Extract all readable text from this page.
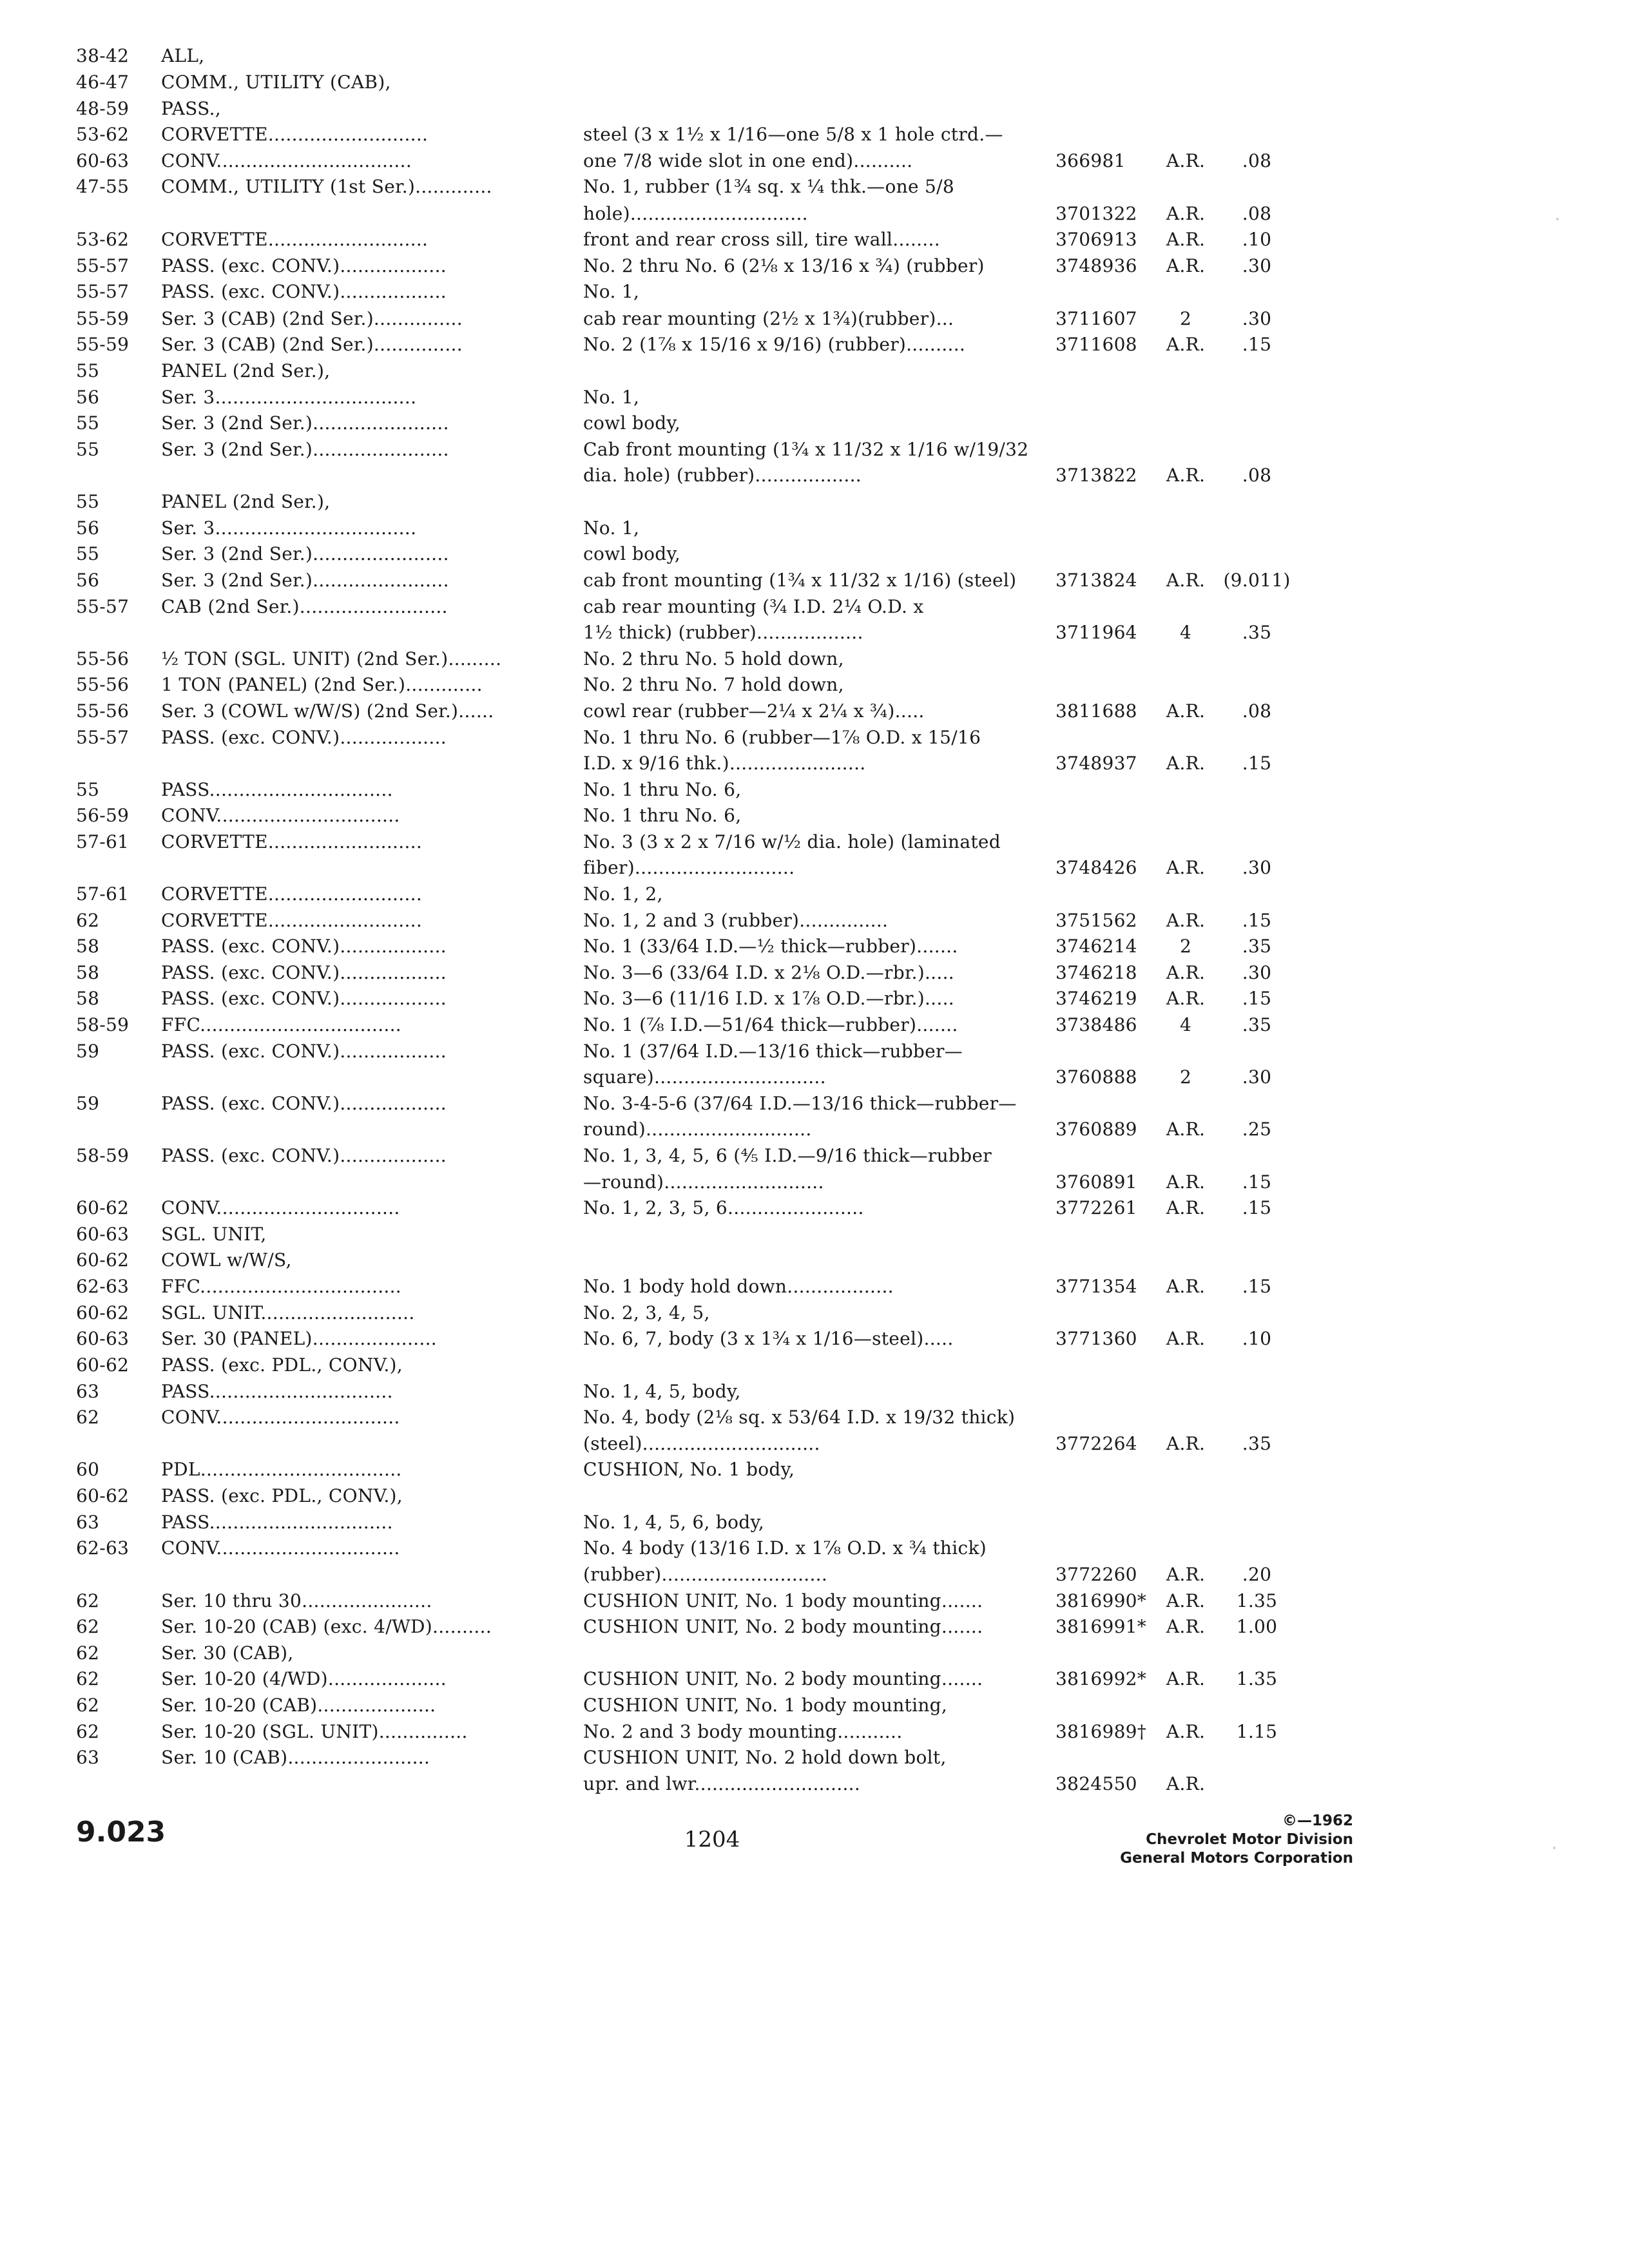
38-42	ALL,
46-47	COMM., UTILITY (CAB),
48-59	PASS.,
53-62	CORVETTE...........................	steel (3 x 1½ x 1/16—one 5/8 x 1 hole ctrd.—
60-63	CONV.................................	one 7/8 wide slot in one end)..........	366981	A.R.	.08
47-55	COMM., UTILITY (1st Ser.).............	No. 1, rubber (1¾ sq. x ¼ thk.—one 5/8
hole)..............................	3701322	A.R.	.08
53-62	CORVETTE...........................	front and rear cross sill, tire wall........	3706913	A.R.	.10
55-57	PASS. (exc. CONV.)..................	No. 2 thru No. 6 (2⅛ x 13/16 x ¾) (rubber)	3748936	A.R.	.30
55-57	PASS. (exc. CONV.)..................	No. 1,
55-59	Ser. 3 (CAB) (2nd Ser.)...............	cab rear mounting (2½ x 1¾)(rubber)...	3711607	2	.30
55-59	Ser. 3 (CAB) (2nd Ser.)...............	No. 2 (1⅞ x 15/16 x 9/16) (rubber)..........	3711608	A.R.	.15
55	PANEL (2nd Ser.),
56	Ser. 3..................................	No. 1,
55	Ser. 3 (2nd Ser.).......................	cowl body,
55	Ser. 3 (2nd Ser.).......................	Cab front mounting (1¾ x 11/32 x 1/16 w/19/32
dia. hole) (rubber)..................	3713822	A.R.	.08
55	PANEL (2nd Ser.),
56	Ser. 3..................................	No. 1,
55	Ser. 3 (2nd Ser.).......................	cowl body,
56	Ser. 3 (2nd Ser.).......................	cab front mounting (1¾ x 11/32 x 1/16) (steel)	3713824	A.R.	(9.011)
55-57	CAB (2nd Ser.).........................	cab rear mounting (¾ I.D. 2¼ O.D. x
1½ thick) (rubber)..................	3711964	4	.35
55-56	½ TON (SGL. UNIT) (2nd Ser.).........	No. 2 thru No. 5 hold down,
55-56	1 TON (PANEL) (2nd Ser.).............	No. 2 thru No. 7 hold down,
55-56	Ser. 3 (COWL w/W/S) (2nd Ser.)......	cowl rear (rubber—2¼ x 2¼ x ¾).....	3811688	A.R.	.08
55-57	PASS. (exc. CONV.)..................	No. 1 thru No. 6 (rubber—1⅞ O.D. x 15/16
I.D. x 9/16 thk.).......................	3748937	A.R.	.15
55	PASS...............................	No. 1 thru No. 6,
56-59	CONV...............................	No. 1 thru No. 6,
57-61	CORVETTE..........................	No. 3 (3 x 2 x 7/16 w/½ dia. hole) (laminated
fiber)...........................	3748426	A.R.	.30
57-61	CORVETTE..........................	No. 1, 2,
62	CORVETTE..........................	No. 1, 2 and 3 (rubber)...............	3751562	A.R.	.15
58	PASS. (exc. CONV.)..................	No. 1 (33/64 I.D.—½ thick—rubber).......	3746214	2	.35
58	PASS. (exc. CONV.)..................	No. 3—6 (33/64 I.D. x 2⅛ O.D.—rbr.).....	3746218	A.R.	.30
58	PASS. (exc. CONV.)..................	No. 3—6 (11/16 I.D. x 1⅞ O.D.—rbr.).....	3746219	A.R.	.15
58-59	FFC..................................	No. 1 (⅞ I.D.—51/64 thick—rubber).......	3738486	4	.35
59	PASS. (exc. CONV.)..................	No. 1 (37/64 I.D.—13/16 thick—rubber—
square).............................	3760888	2	.30
59	PASS. (exc. CONV.)..................	No. 3-4-5-6 (37/64 I.D.—13/16 thick—rubber—
round)............................	3760889	A.R.	.25
58-59	PASS. (exc. CONV.)..................	No. 1, 3, 4, 5, 6 (⅘ I.D.—9/16 thick—rubber
—round)...........................	3760891	A.R.	.15
60-62	CONV...............................	No. 1, 2, 3, 5, 6.......................	3772261	A.R.	.15
60-63	SGL. UNIT,
60-62	COWL w/W/S,
62-63	FFC..................................	No. 1 body hold down..................	3771354	A.R.	.15
60-62	SGL. UNIT..........................	No. 2, 3, 4, 5,
60-63	Ser. 30 (PANEL).....................	No. 6, 7, body (3 x 1¾ x 1/16—steel).....	3771360	A.R.	.10
60-62	PASS. (exc. PDL., CONV.),
63	PASS...............................	No. 1, 4, 5, body,
62	CONV...............................	No. 4, body (2⅛ sq. x 53/64 I.D. x 19/32 thick)
(steel)..............................	3772264	A.R.	.35
60	PDL..................................	CUSHION, No. 1 body,
60-62	PASS. (exc. PDL., CONV.),
63	PASS...............................	No. 1, 4, 5, 6, body,
62-63	CONV...............................	No. 4 body (13/16 I.D. x 1⅞ O.D. x ¾ thick)
(rubber)............................	3772260	A.R.	.20
62	Ser. 10 thru 30......................	CUSHION UNIT, No. 1 body mounting.......	3816990*	A.R.	1.35
62	Ser. 10-20 (CAB) (exc. 4/WD)..........	CUSHION UNIT, No. 2 body mounting.......	3816991*	A.R.	1.00
62	Ser. 30 (CAB),
62	Ser. 10-20 (4/WD)....................	CUSHION UNIT, No. 2 body mounting.......	3816992*	A.R.	1.35
62	Ser. 10-20 (CAB)....................	CUSHION UNIT, No. 1 body mounting,
62	Ser. 10-20 (SGL. UNIT)...............	No. 2 and 3 body mounting...........	3816989†	A.R.	1.15
63	Ser. 10 (CAB)........................	CUSHION UNIT, No. 2 hold down bolt,
upr. and lwr............................	3824550	A.R.
9.023	1204
©—1962
Chevrolet Motor Division
General Motors Corporation
